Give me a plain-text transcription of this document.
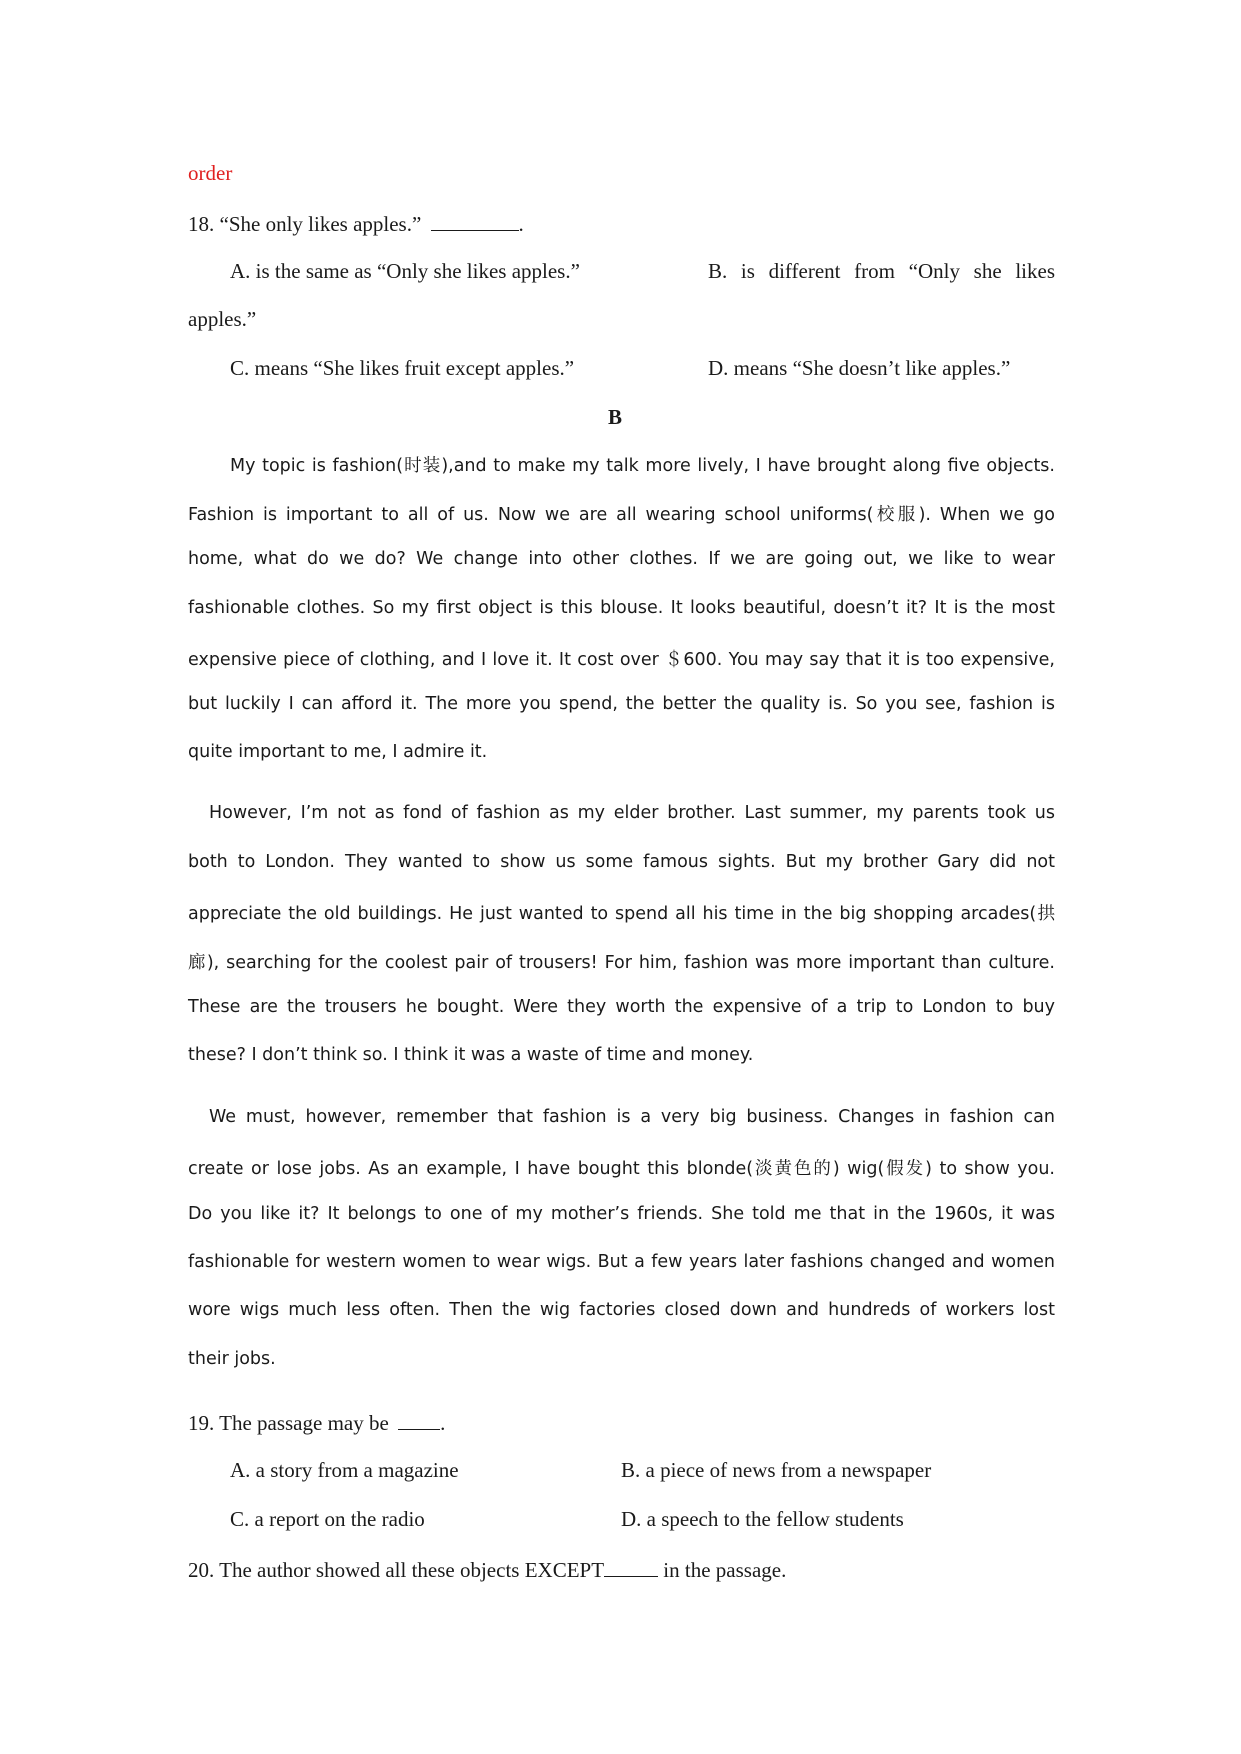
order
18. “She only likes apples.”	.
A. is the same as “Only she likes apples.”	B. is different from “Only she likes
apples.”
C. means “She likes fruit except apples.”	D. means “She doesn’t like apples.”
B
My topic is fashion(时装),and to make my talk more lively, I have brought along five objects.
Fashion is important to all of us. Now we are all wearing school uniforms(校服). When we go
home, what do we do? We change into other clothes. If we are going out, we like to wear
fashionable clothes. So my first object is this blouse. It looks beautiful, doesn’t it? It is the most
expensive piece of clothing, and I love it. It cost over ＄600. You may say that it is too expensive,
but luckily I can afford it. The more you spend, the better the quality is. So you see, fashion is
quite important to me, I admire it.
However, I’m not as fond of fashion as my elder brother. Last summer, my parents took us
both to London. They wanted to show us some famous sights. But my brother Gary did not
appreciate the old buildings. He just wanted to spend all his time in the big shopping arcades(拱
廊), searching for the coolest pair of trousers! For him, fashion was more important than culture.
These are the trousers he bought. Were they worth the expensive of a trip to London to buy
these? I don’t think so. I think it was a waste of time and money.
We must, however, remember that fashion is a very big business. Changes in fashion can
create or lose jobs. As an example, I have bought this blonde(淡黄色的) wig(假发) to show you.
Do you like it? It belongs to one of my mother’s friends. She told me that in the 1960s, it was
fashionable for western women to wear wigs. But a few years later fashions changed and women
wore wigs much less often. Then the wig factories closed down and hundreds of workers lost
their jobs.
19. The passage may be .
A. a story from a magazine	B. a piece of news from a newspaper
C. a report on the radio	D. a speech to the fellow students
20. The author showed all these objects EXCEPT	in the passage.
